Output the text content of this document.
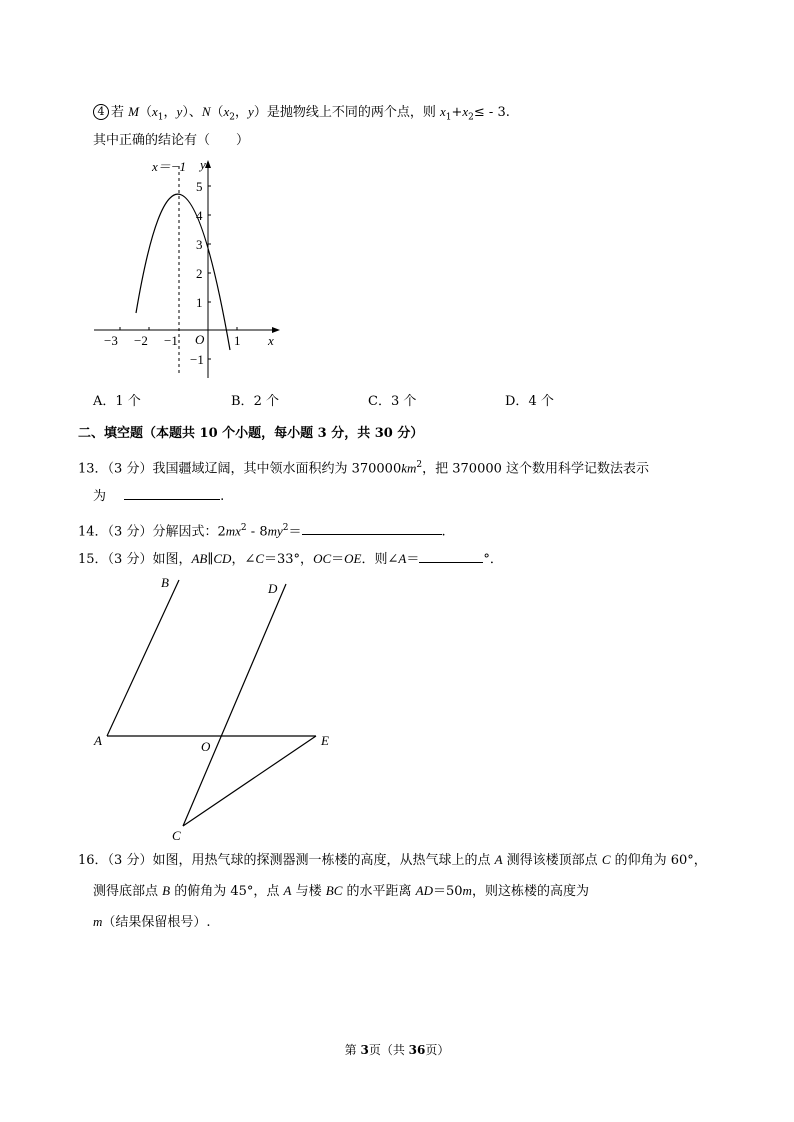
4 若 $M(x_1$，y）、$N(x_2$，y）是抛物线上不同的两个点，则 $x_1+x_2\le$ ‐ 3.
其中正确的结论有（　　）
x＝−1 y
x
O
−3 −2 −1	1
5
4
3
2
1
−1
A．1 个	B．2 个	C．3 个	D．4 个
二、填空题（本题共 10 个小题，每小题 3 分，共 30 分）
13．（3 分）我国疆域辽阔，其中领水面积约为 $370000km^2$，把 370000 这个数用科学记数法表示
为	.
14．（3 分）分解因式：$2mx^2$ ‐ $8my^2=$	.
15．（3 分）如图，AB∥CD，∠C＝33°，OC＝OE．则∠A＝	°．
B	D
A	O	E
C
16．（3 分）如图，用热气球的探测器测一栋楼的高度，从热气球上的点 A 测得该楼顶部点 C 的仰角为 60°，
测得底部点 B 的俯角为 45°，点 A 与楼 BC 的水平距离 AD＝50m，则这栋楼的高度为
m（结果保留根号）.
第 3页（共 36页）
